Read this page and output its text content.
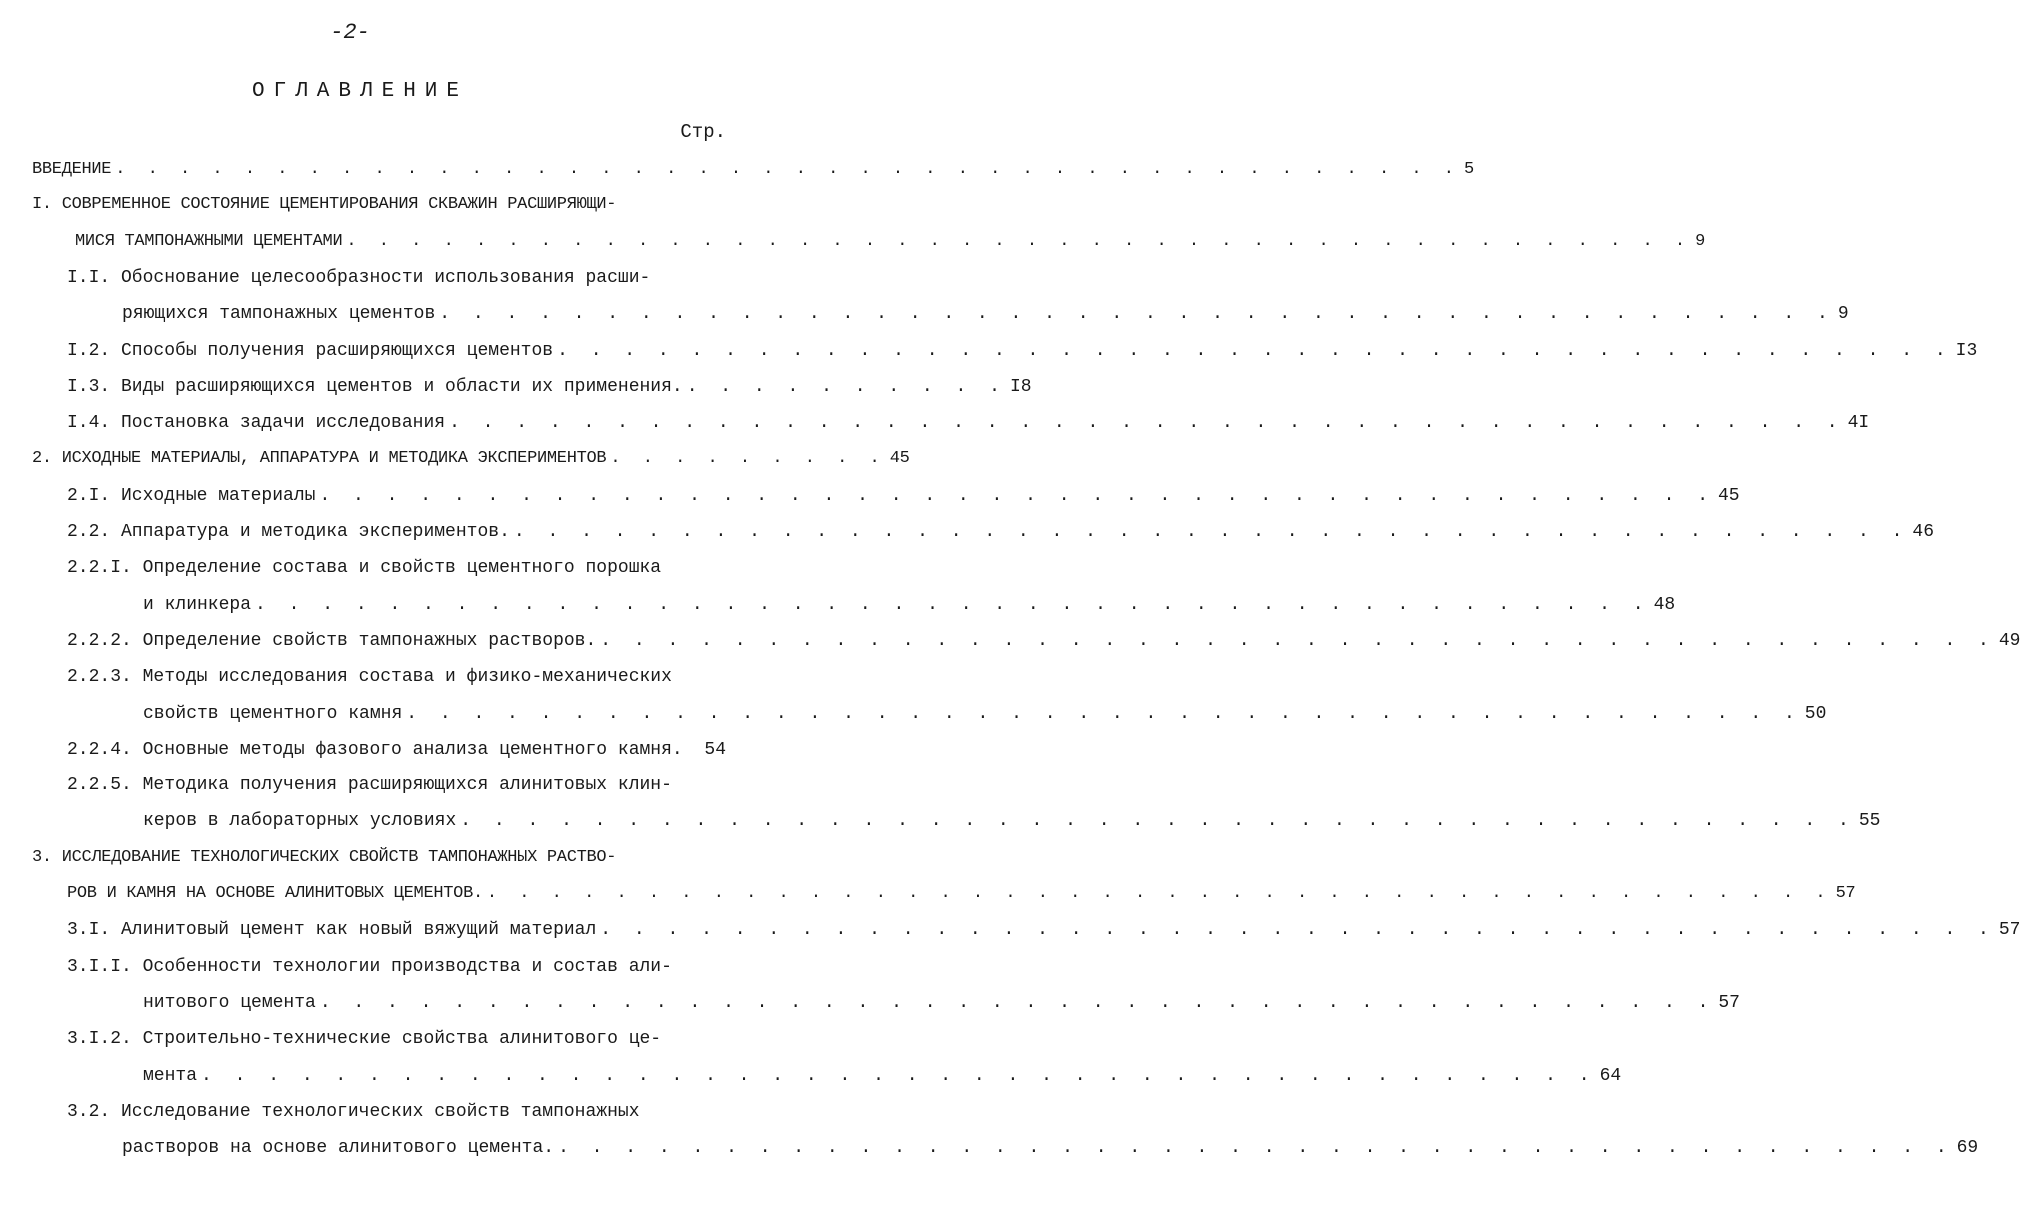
-2-
ОГЛАВЛЕНИЕ
Стр.
ВВЕДЕНИЕ . . . . . . . . . . . . . . . . . . . . . . . . . . . . . . . . . . . . . . . . . . 5
I. СОВРЕМЕННОЕ СОСТОЯНИЕ ЦЕМЕНТИРОВАНИЯ СКВАЖИН РАСШИРЯЮЩИ-
МИСЯ ТАМПОНАЖНЫМИ ЦЕМЕНТАМИ . . . . . . . . . . . . . . . . . . . . . . . . . . . . . . . . . . . . . . . . . . 9
I.I. Обоснование целесообразности использования расши-
ряющихся тампонажных цементов . . . . . . . . . . . . . . . . . . . . . . . . . . . . . . . . . . . . . . . . . . 9
I.2. Способы получения расширяющихся цементов . . . . . . . . . . . . . . . . . . . . . . . . . . . . . . . . . . . . . . . . . . I3
I.3. Виды расширяющихся цементов и области их применения. . . . . . . . . . . I8
I.4. Постановка задачи исследования . . . . . . . . . . . . . . . . . . . . . . . . . . . . . . . . . . . . . . . . . . 4I
2. ИСХОДНЫЕ МАТЕРИАЛЫ, АППАРАТУРА И МЕТОДИКА ЭКСПЕРИМЕНТОВ . . . . . . . . . 45
2.I. Исходные материалы . . . . . . . . . . . . . . . . . . . . . . . . . . . . . . . . . . . . . . . . . . 45
2.2. Аппаратура и методика экспериментов. . . . . . . . . . . . . . . . . . . . . . . . . . . . . . . . . . . . . . . . . . . 46
2.2.I. Определение состава и свойств цементного порошка
и клинкера . . . . . . . . . . . . . . . . . . . . . . . . . . . . . . . . . . . . . . . . . . 48
2.2.2. Определение свойств тампонажных растворов. . . . . . . . . . . . . . . . . . . . . . . . . . . . . . . . . . . . . . . . . . . 49
2.2.3. Методы исследования состава и физико-механических
свойств цементного камня . . . . . . . . . . . . . . . . . . . . . . . . . . . . . . . . . . . . . . . . . . 50
2.2.4. Основные методы фазового анализа цементного камня. 54
2.2.5. Методика получения расширяющихся алинитовых клин-
керов в лабораторных условиях . . . . . . . . . . . . . . . . . . . . . . . . . . . . . . . . . . . . . . . . . . 55
3. ИССЛЕДОВАНИЕ ТЕХНОЛОГИЧЕСКИХ СВОЙСТВ ТАМПОНАЖНЫХ РАСТВО-
РОВ И КАМНЯ НА ОСНОВЕ АЛИНИТОВЫХ ЦЕМЕНТОВ. . . . . . . . . . . . . . . . . . . . . . . . . . . . . . . . . . . . . . . . . . . 57
3.I. Алинитовый цемент как новый вяжущий материал . . . . . . . . . . . . . . . . . . . . . . . . . . . . . . . . . . . . . . . . . . 57
3.I.I. Особенности технологии производства и состав али-
нитового цемента . . . . . . . . . . . . . . . . . . . . . . . . . . . . . . . . . . . . . . . . . . 57
3.I.2. Строительно-технические свойства алинитового це-
мента . . . . . . . . . . . . . . . . . . . . . . . . . . . . . . . . . . . . . . . . . . 64
3.2. Исследование технологических свойств тампонажных
растворов на основе алинитового цемента. . . . . . . . . . . . . . . . . . . . . . . . . . . . . . . . . . . . . . . . . . . 69
